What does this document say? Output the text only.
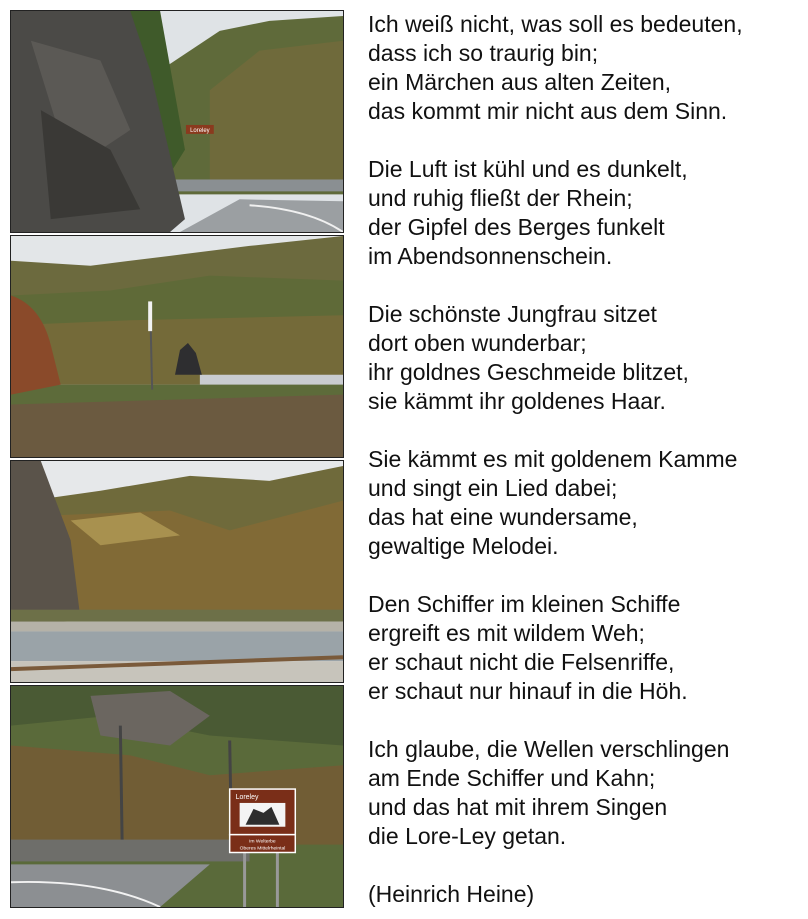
Loreley
Loreley
im Welterbe
Oberes Mittelrheintal
Ich weiß nicht, was soll es bedeuten,
dass ich so traurig bin;
ein Märchen aus alten Zeiten,
das kommt mir nicht aus dem Sinn.
Die Luft ist kühl und es dunkelt,
und ruhig fließt der Rhein;
der Gipfel des Berges funkelt
im Abendsonnenschein.
Die schönste Jungfrau sitzet
dort oben wunderbar;
ihr goldnes Geschmeide blitzet,
sie kämmt ihr goldenes Haar.
Sie kämmt es mit goldenem Kamme
und singt ein Lied dabei;
das hat eine wundersame,
gewaltige Melodei.
Den Schiffer im kleinen Schiffe
ergreift es mit wildem Weh;
er schaut nicht die Felsenriffe,
er schaut nur hinauf in die Höh.
Ich glaube, die Wellen verschlingen
am Ende Schiffer und Kahn;
und das hat mit ihrem Singen
die Lore-Ley getan.
(Heinrich Heine)
